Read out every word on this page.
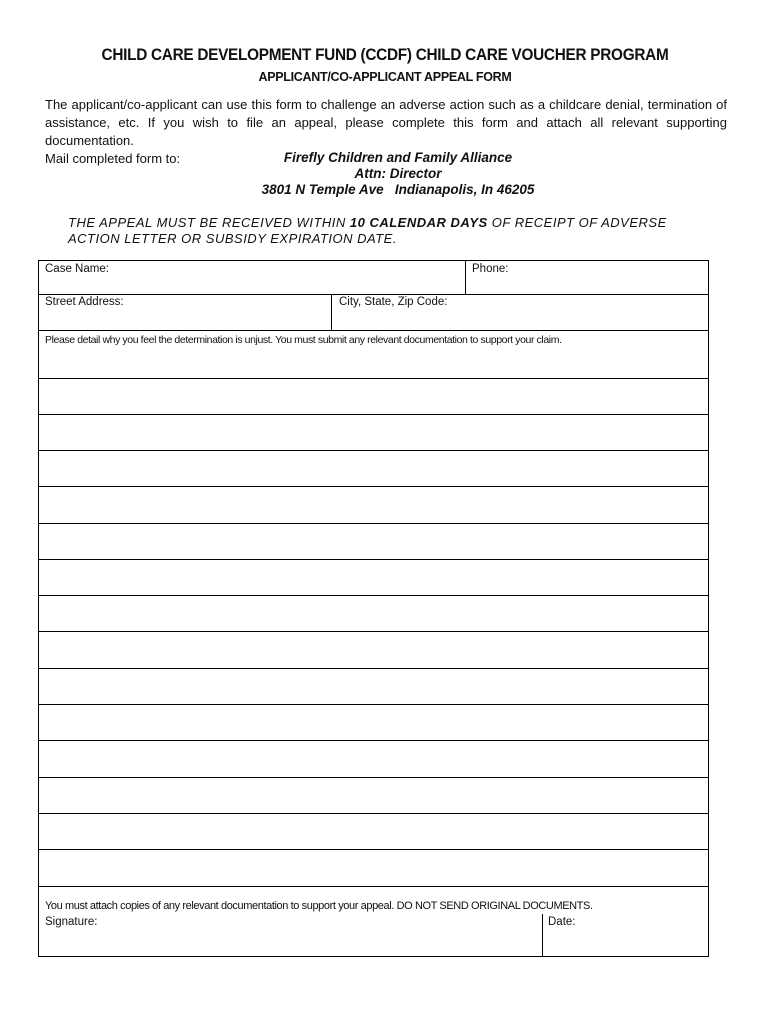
CHILD CARE DEVELOPMENT FUND (CCDF) CHILD CARE VOUCHER PROGRAM
APPLICANT/CO-APPLICANT APPEAL FORM
The applicant/co-applicant can use this form to challenge an adverse action such as a childcare denial, termination of
assistance, etc. If you wish to file an appeal, please complete this form and attach all relevant supporting documentation.
Mail completed form to:	Firefly Children and Family Alliance
Attn: Director
3801 N Temple Ave   Indianapolis, In 46205
THE APPEAL MUST BE RECEIVED WITHIN 10 CALENDAR DAYS OF RECEIPT OF ADVERSE
ACTION LETTER OR SUBSIDY EXPIRATION DATE.
Case Name:	Phone:
Street Address:	City, State, Zip Code:
Please detail why you feel the determination is unjust. You must submit any relevant documentation to support your claim.
You must attach copies of any relevant documentation to support your appeal. DO NOT SEND ORIGINAL DOCUMENTS.
Signature:	Date:
